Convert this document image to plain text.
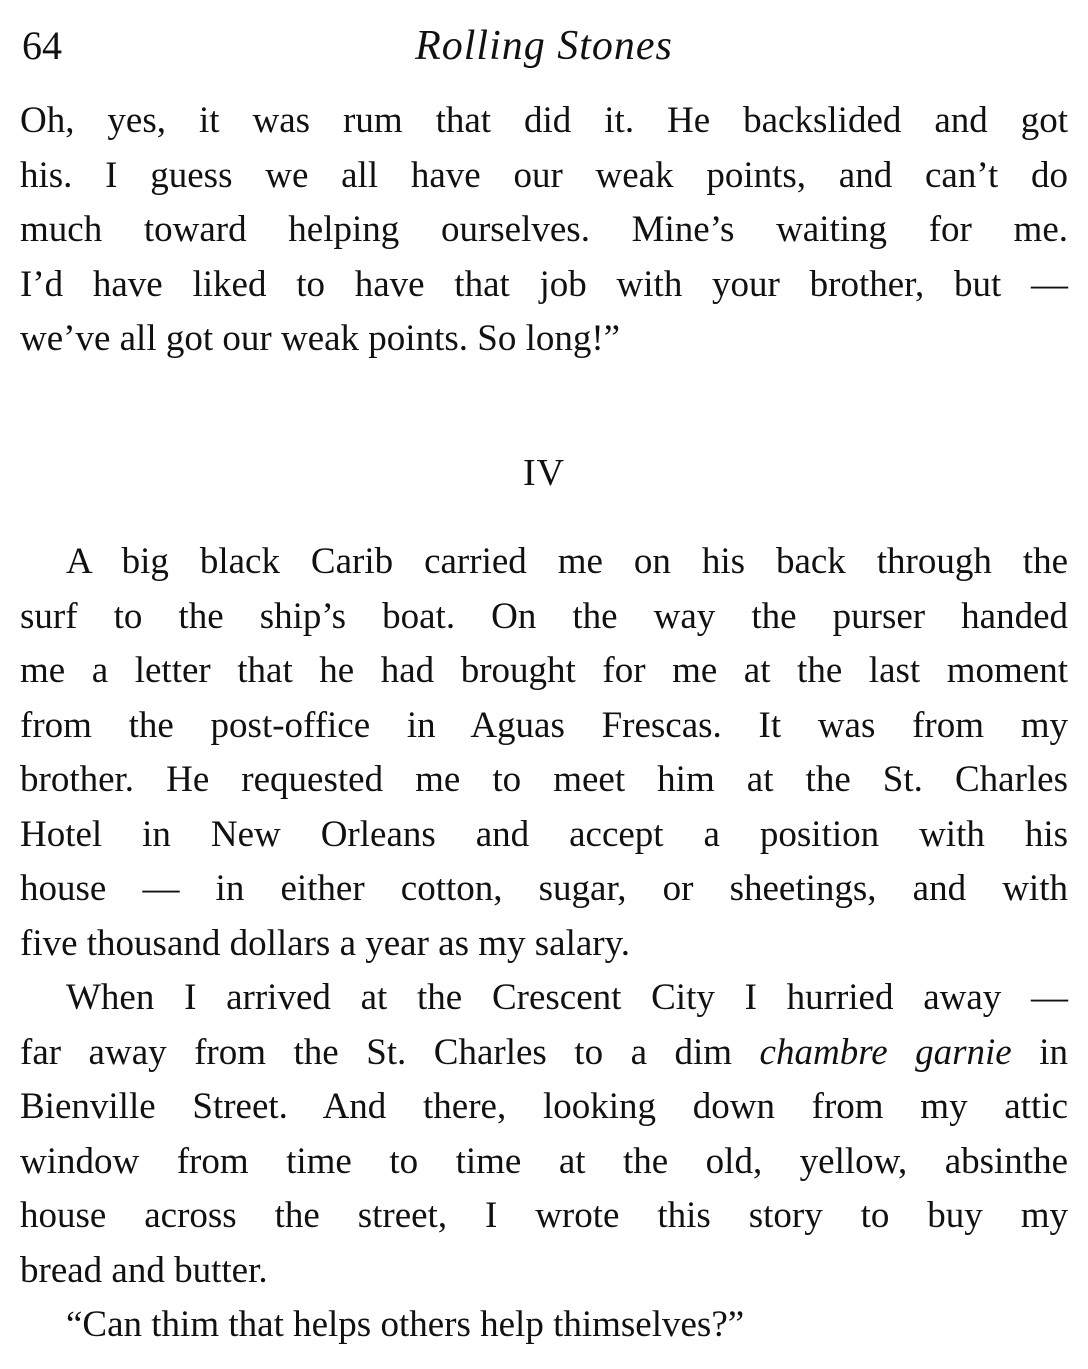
64	Rolling Stones
Oh, yes, it was rum that did it. He backslided and got
his. I guess we all have our weak points, and can’t do
much toward helping ourselves. Mine’s waiting for me.
I’d have liked to have that job with your brother, but —
we’ve all got our weak points. So long!”
IV
A big black Carib carried me on his back through the
surf to the ship’s boat. On the way the purser handed
me a letter that he had brought for me at the last moment
from the post-office in Aguas Frescas. It was from my
brother. He requested me to meet him at the St. Charles
Hotel in New Orleans and accept a position with his
house — in either cotton, sugar, or sheetings, and with
five thousand dollars a year as my salary.
When I arrived at the Crescent City I hurried away —
far away from the St. Charles to a dim chambre garnie in
Bienville Street. And there, looking down from my attic
window from time to time at the old, yellow, absinthe
house across the street, I wrote this story to buy my
bread and butter.
“Can thim that helps others help thimselves?”
